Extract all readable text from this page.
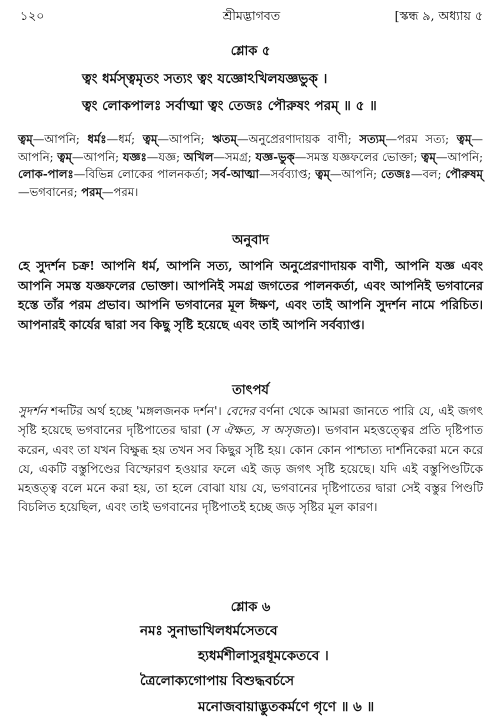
১২০	শ্রীমদ্ভাগবত	[স্কন্ধ ৯, অধ্যায় ৫
শ্লোক ৫
ত্বং ধর্মস্ত্বমৃতং সত্যং ত্বং যজ্ঞোঽখিলযজ্ঞভুক্ ।
ত্বং লোকপালঃ সর্বাত্মা ত্বং তেজঃ পৌরুষং পরম্ ॥ ৫ ॥
ত্বম্—আপনি; ধর্মঃ—ধর্ম; ত্বম্—আপনি; ঋতম্—অনুপ্রেরণাদায়ক বাণী; সত্যম্—পরম সত্য; ত্বম্—আপনি; ত্বম্—আপনি; যজ্ঞঃ—যজ্ঞ; অখিল—সমগ্র; যজ্ঞ-ভুক্—সমস্ত যজ্ঞফলের ভোক্তা; ত্বম্—আপনি; লোক-পালঃ—বিভিন্ন লোকের পালনকর্তা; সর্ব-আত্মা—সর্বব্যাপ্ত; ত্বম্—আপনি; তেজঃ—বল; পৌরুষম্—ভগবানের; পরম্—পরম।
অনুবাদ
হে সুদর্শন চক্র! আপনি ধর্ম, আপনি সত্য, আপনি অনুপ্রেরণাদায়ক বাণী, আপনি যজ্ঞ এবং আপনি সমস্ত যজ্ঞফলের ভোক্তা। আপনিই সমগ্র জগতের পালনকর্তা, এবং আপনিই ভগবানের হস্তে তাঁর পরম প্রভাব। আপনি ভগবানের মূল ঈক্ষণ, এবং তাই আপনি সুদর্শন নামে পরিচিত। আপনারই কার্যের দ্বারা সব কিছু সৃষ্টি হয়েছে এবং তাই আপনি সর্বব্যাপ্ত।
তাৎপর্য
সুদর্শন শব্দটির অর্থ হচ্ছে 'মঙ্গলজনক দর্শন'। বেদের বর্ণনা থেকে আমরা জানতে পারি যে, এই জগৎ সৃষ্টি হয়েছে ভগবানের দৃষ্টিপাতের দ্বারা (স ঐক্ষত, স অসৃজত)। ভগবান মহত্তত্ত্বের প্রতি দৃষ্টিপাত করেন, এবং তা যখন বিক্ষুব্ধ হয় তখন সব কিছুর সৃষ্টি হয়। কোন কোন পাশ্চাত্য দার্শনিকেরা মনে করে যে, একটি বস্তুপিণ্ডের বিস্ফোরণ হওয়ার ফলে এই জড় জগৎ সৃষ্টি হয়েছে। যদি এই বস্তুপিণ্ডটিকে মহত্তত্ত্ব বলে মনে করা হয়, তা হলে বোঝা যায় যে, ভগবানের দৃষ্টিপাতের দ্বারা সেই বস্তুর পিণ্ডটি বিচলিত হয়েছিল, এবং তাই ভগবানের দৃষ্টিপাতই হচ্ছে জড় সৃষ্টির মূল কারণ।
শ্লোক ৬
নমঃ সুনাভাখিলধর্মসেতবে
হ্যধর্মশীলাসুরধূমকেতবে ।
ত্রৈলোক্যগোপায় বিশুদ্ধবর্চসে
মনোজবায়াদ্ভুতকর্মণে গৃণে ॥ ৬ ॥
